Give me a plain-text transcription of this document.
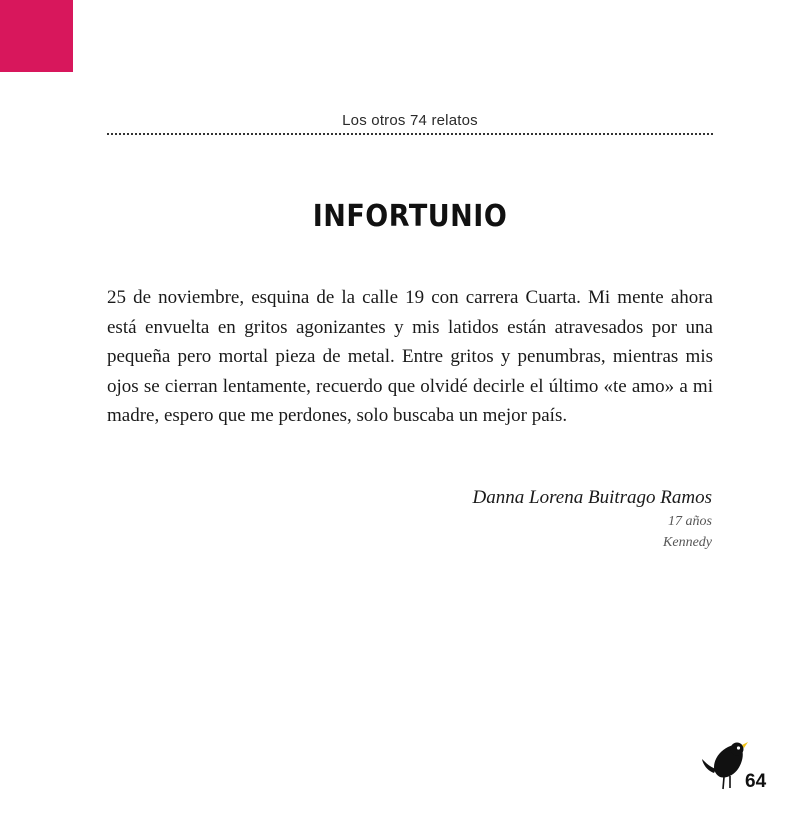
Los otros 74 relatos
INFORTUNIO

25 de noviembre, esquina de la calle 19 con carrera Cuarta. Mi mente ahora está envuelta en gritos agonizantes y mis latidos están atravesados por una pequeña pero mortal pieza de metal. Entre gritos y penumbras, mientras mis ojos se cierran lentamente, recuerdo que olvidé decirle el último «te amo» a mi madre, espero que me perdones, solo buscaba un mejor país.

Danna Lorena Buitrago Ramos
17 años
Kennedy
64
